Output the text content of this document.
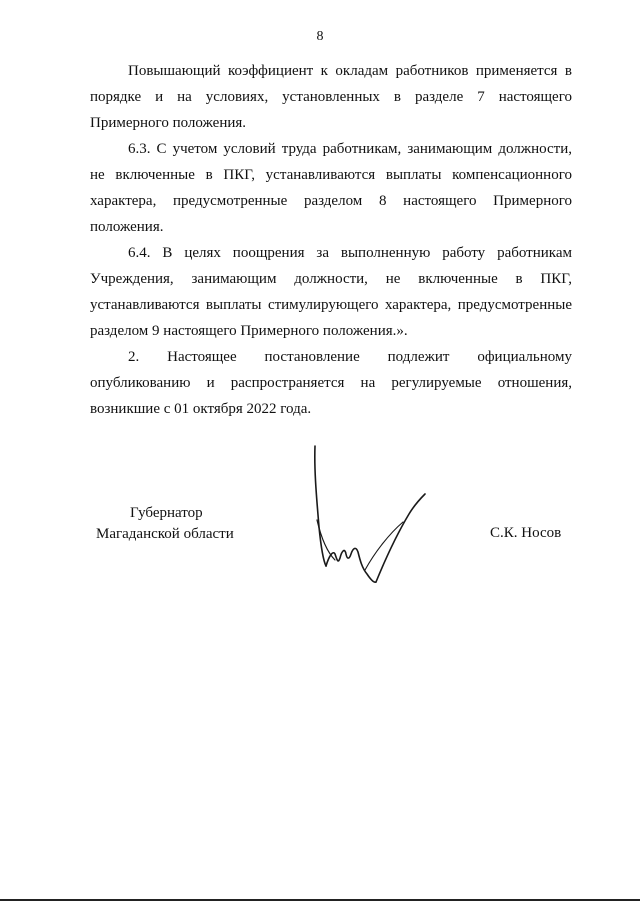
8

Повышающий коэффициент к окладам работников применяется в порядке и на условиях, установленных в разделе 7 настоящего Примерного положения.

6.3. С учетом условий труда работникам, занимающим должности, не включенные в ПКГ, устанавливаются выплаты компенсационного характера, предусмотренные разделом 8 настоящего Примерного положения.

6.4. В целях поощрения за выполненную работу работникам Учреждения, занимающим должности, не включенные в ПКГ, устанавливаются выплаты стимулирующего характера, предусмотренные разделом 9 настоящего Примерного положения.».

2. Настоящее постановление подлежит официальному опубликованию и распространяется на регулируемые отношения, возникшие с 01 октября 2022 года.

Губернатор
Магаданской области	С.К. Носов
